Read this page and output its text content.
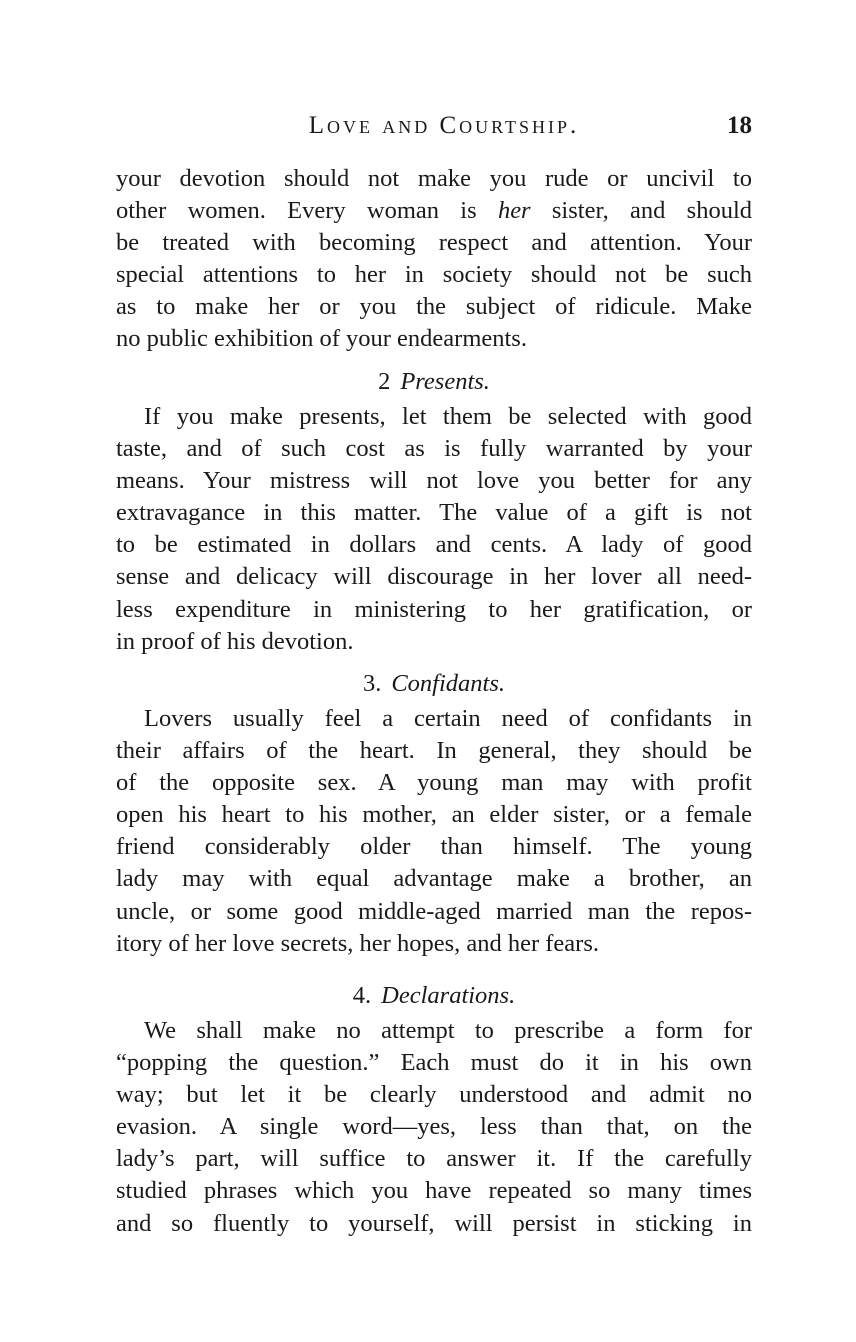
Love and Courtship.	18
your devotion should not make you rude or uncivil to
other women. Every woman is her sister, and should
be treated with becoming respect and attention. Your
special attentions to her in society should not be such
as to make her or you the subject of ridicule. Make
no public exhibition of your endearments.
2 Presents.
If you make presents, let them be selected with good
taste, and of such cost as is fully warranted by your
means. Your mistress will not love you better for any
extravagance in this matter. The value of a gift is not
to be estimated in dollars and cents. A lady of good
sense and delicacy will discourage in her lover all need-
less expenditure in ministering to her gratification, or
in proof of his devotion.
3. Confidants.
Lovers usually feel a certain need of confidants in
their affairs of the heart. In general, they should be
of the opposite sex. A young man may with profit
open his heart to his mother, an elder sister, or a female
friend considerably older than himself. The young
lady may with equal advantage make a brother, an
uncle, or some good middle-aged married man the repos-
itory of her love secrets, her hopes, and her fears.
4. Declarations.
We shall make no attempt to prescribe a form for
“popping the question.” Each must do it in his own
way; but let it be clearly understood and admit no
evasion. A single word—yes, less than that, on the
lady’s part, will suffice to answer it. If the carefully
studied phrases which you have repeated so many times
and so fluently to yourself, will persist in sticking in
